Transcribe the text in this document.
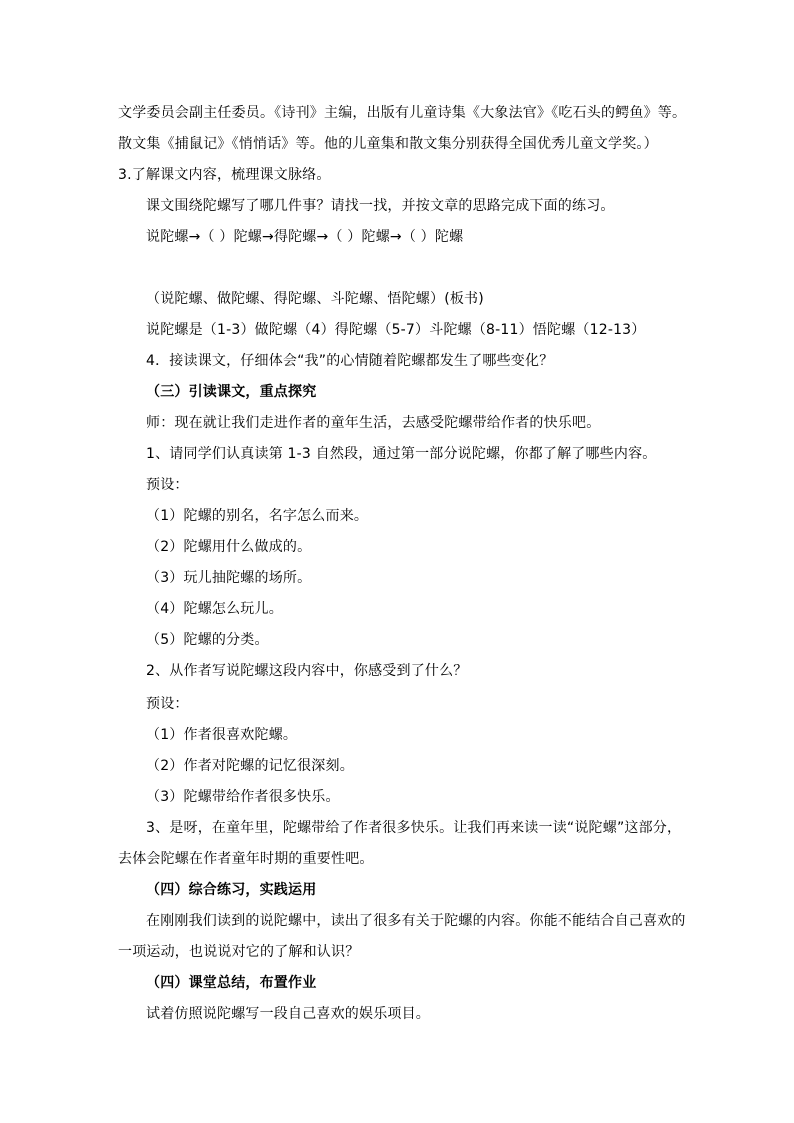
文学委员会副主任委员。《诗刊》主编，出版有儿童诗集《大象法官》《吃石头的鳄鱼》等。
散文集《捕鼠记》《悄悄话》等。他的儿童集和散文集分别获得全国优秀儿童文学奖。）
3.了解课文内容，梳理课文脉络。
课文围绕陀螺写了哪几件事？请找一找，并按文章的思路完成下面的练习。
说陀螺→（ ）陀螺→得陀螺→（ ）陀螺→（ ）陀螺
（说陀螺、做陀螺、得陀螺、斗陀螺、悟陀螺）(板书)
说陀螺是（1-3）做陀螺（4）得陀螺（5-7）斗陀螺（8-11）悟陀螺（12-13）
4．接读课文，仔细体会“我”的心情随着陀螺都发生了哪些变化？
（三）引读课文，重点探究
师：现在就让我们走进作者的童年生活，去感受陀螺带给作者的快乐吧。
1、请同学们认真读第 1-3 自然段，通过第一部分说陀螺，你都了解了哪些内容。
预设：
（1）陀螺的别名，名字怎么而来。
（2）陀螺用什么做成的。
（3）玩儿抽陀螺的场所。
（4）陀螺怎么玩儿。
（5）陀螺的分类。
2、从作者写说陀螺这段内容中，你感受到了什么？
预设：
（1）作者很喜欢陀螺。
（2）作者对陀螺的记忆很深刻。
（3）陀螺带给作者很多快乐。
3、是呀，在童年里，陀螺带给了作者很多快乐。让我们再来读一读“说陀螺”这部分，
去体会陀螺在作者童年时期的重要性吧。
（四）综合练习，实践运用
在刚刚我们读到的说陀螺中，读出了很多有关于陀螺的内容。你能不能结合自己喜欢的
一项运动，也说说对它的了解和认识？
（四）课堂总结，布置作业
试着仿照说陀螺写一段自己喜欢的娱乐项目。
